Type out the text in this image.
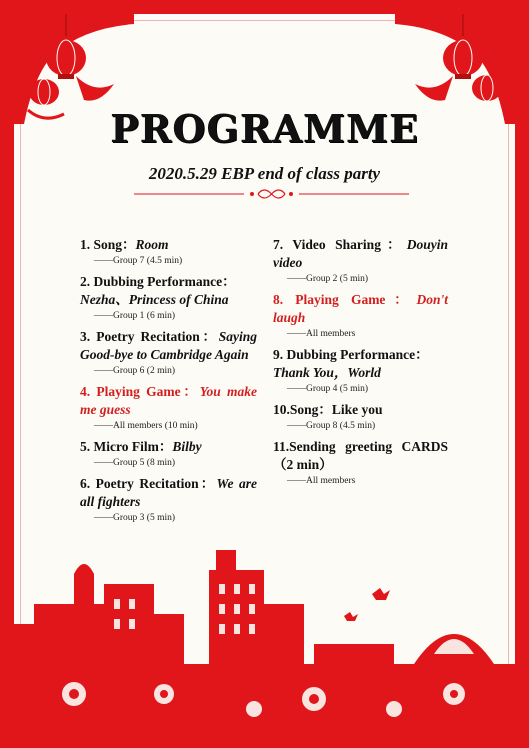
PROGRAMME
2020.5.29 EBP end of class party
1. Song：Room
——Group 7 (4.5 min)
2. Dubbing Performance：
Nezha、Princess of China
——Group 1 (6 min)
3. Poetry Recitation：Saying Good-bye to Cambridge Again
——Group 6 (2 min)
4. Playing Game：You make me guess
——All members (10 min)
5. Micro Film：Bilby
——Group 5 (8 min)
6. Poetry Recitation：We are all fighters
——Group 3 (5 min)
7. Video Sharing：Douyin video
——Group 2 (5 min)
8. Playing Game：Don't laugh
——All members
9. Dubbing Performance：
Thank You，World
——Group 4 (5 min)
10.Song：Like you
——Group 8 (4.5 min)
11.Sending greeting CARDS（2 min）
——All members
